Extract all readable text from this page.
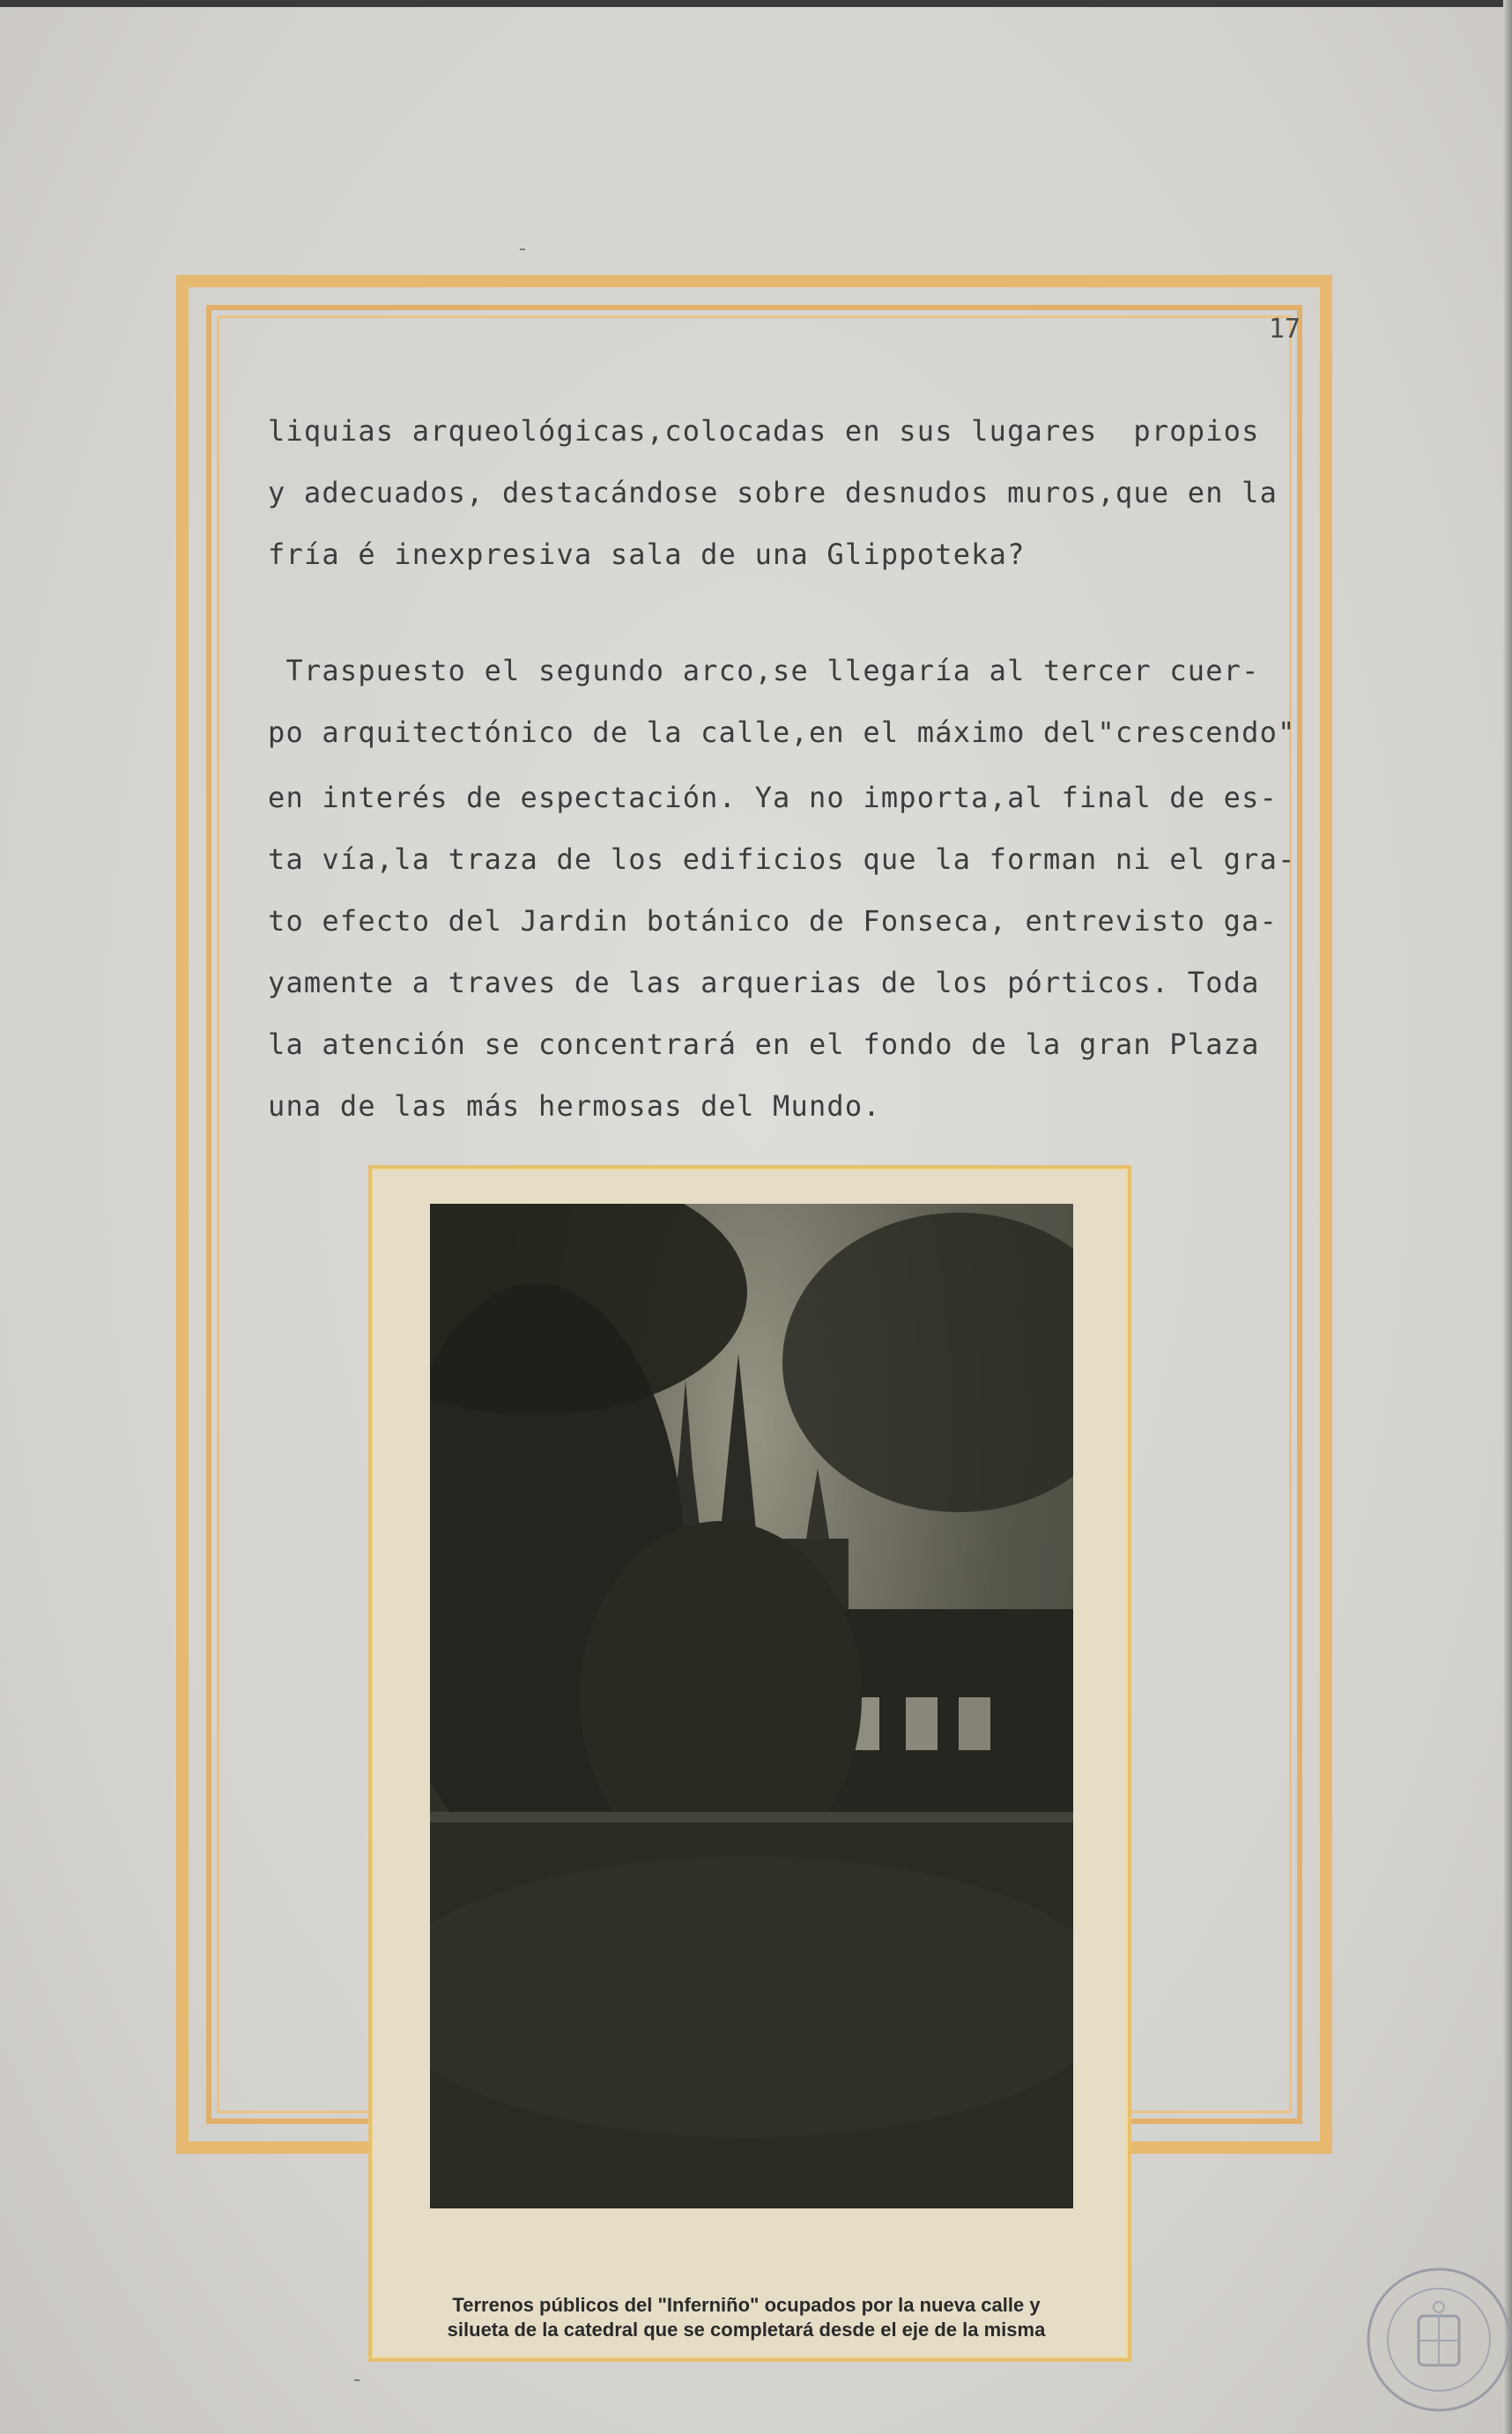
17
liquias arqueológicas,colocadas en sus lugares  propios
y adecuados, destacándose sobre desnudos muros,que en la
fría é inexpresiva sala de una Glippoteka?
Traspuesto el segundo arco,se llegaría al tercer cuer-
po arquitectónico de la calle,en el máximo del"crescendo"
en interés de espectación. Ya no importa,al final de es-
ta vía,la traza de los edificios que la forman ni el gra-
to efecto del Jardin botánico de Fonseca, entrevisto ga-
yamente a traves de las arquerias de los pórticos. Toda
la atención se concentrará en el fondo de la gran Plaza
una de las más hermosas del Mundo.
Terrenos públicos del "Inferniño" ocupados por la nueva calle y
silueta de la catedral que se completará desde el eje de la misma
